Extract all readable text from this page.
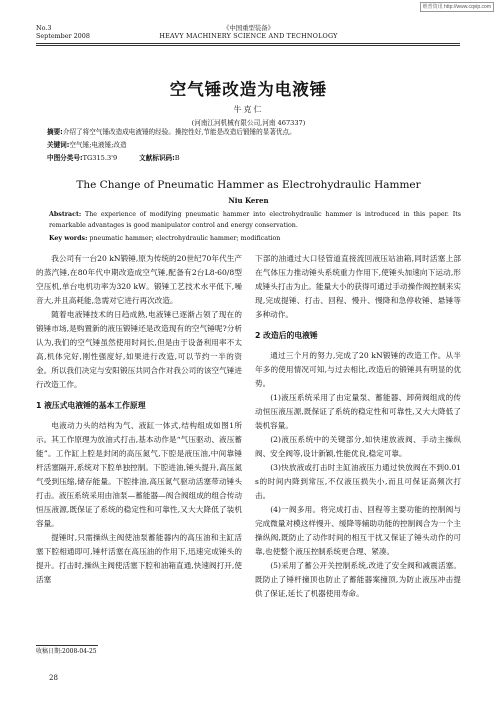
维普资讯 http://www.cqvip.com
No.3
September 2008
《中国重型装备》
HEAVY MACHINERY SCIENCE AND TECHNOLOGY
空气锤改造为电液锤
牛克仁
(河南江河机械有限公司,河南 467337)
摘要:介绍了将空气锤改造成电液锤的经验。操控性好,节能是改造后锻锤的显著优点。
关键词:空气锤;电液锤;改造
中图分类号:TG315.3'9	文献标识码:B
The Change of Pneumatic Hammer as Electrohydraulic Hammer
Niu Keren
Abstract: The experience of modifying pneumatic hammer into electrohydraulic hammer is introduced in this paper. Its remarkable advantages is good manipulator control and energy conservation.
Key words: pneumatic hammer; electrohydraulic hammer; modification

我公司有一台20 kN锻锤,原为传统的20世纪70年代生产的蒸汽锤,在80年代中期改造成空气锤,配备有2台L8-60/8型空压机,单台电机功率为320 kW。锻锤工艺技术水平低下,噪音大,并且高耗能,急需对它进行再次改造。

随着电液锤技术的日趋成熟,电液锤已逐渐占领了现在的锻锤市场,是购置新的液压锻锤还是改造现有的空气锤呢?分析认为,我们的空气锤虽然使用时间长,但是由于设备利用率不太高,机体完好,刚性强度好,如果进行改造,可以节约一半的资金。所以我们决定与安阳锻压共同合作对我公司的该空气锤进行改造工作。

1 液压式电液锤的基本工作原理

电液动力头的结构为气、液缸一体式,结构组成如图1所示。其工作原理为放油式打击,基本动作是“气压驱动、液压蓄能”。工作缸上腔是封闭的高压氮气,下腔是液压油,中间靠锤杆活塞隔开,系统对下腔单独控制。下腔进油,锤头提升,高压氮气受到压缩,储存能量。下腔排油,高压氮气驱动活塞带动锤头打击。液压系统采用由油泵—蓄能器—阀合阀组成的组合传动恒压液源,既保证了系统的稳定性和可靠性,又大大降低了装机容量。

提锤时,只需操纵主阀使油泵蓄能器内的高压油和主缸活塞下腔相通即可,锤杆活塞在高压油的作用下,迅速完成锤头的提升。打击时,操纵主阀使活塞下腔和油箱直通,快速阀打开,使活塞

下部的油通过大口径管道直接流回液压站油箱,同时活塞上部在气体压力推动锤头系统重力作用下,使锤头加速向下运动,形成锤头打击为止。能量大小的获得可通过手动操作阀控制来实现,完成提锤、打击、回程、慢升、慢降和急停收锤、悬锤等多种动作。

2 改造后的电液锤

通过三个月的努力,完成了20 kN锻锤的改造工作。从半年多的使用情况可知,与过去相比,改造后的锻锤具有明显的优势。

(1)液压系统采用了由定量泵、蓄能器、卸荷阀组成的传动恒压液压源,既保证了系统的稳定性和可靠性,又大大降低了装机容量。

(2)液压系统中的关键部分,如快速放液阀、手动主操纵阀、安全阀等,设计新颖,性能优良,稳定可靠。

(3)快放液或打击时主缸油液压力通过快放阀在不到0.01 s的时间内降到常压,不仅液压损失小,而且可保证高频次打击。

(4)一阀多用。将完成打击、回程等主要功能的控制阀与完成微量对模这样慢升、缓降等辅助功能的控制阀合为一个主操纵阀,既防止了动作时间的相互干扰又保证了锤头动作的可靠,也使整个液压控制系统更合理、紧凑。

(5)采用了蓄公开关控制系统,改进了安全阀和减震活塞。既防止了锤杆撞顶也防止了蓄能器案撞顶,为防止液压冲击提供了保证,延长了机器使用寿命。

收稿日期:2008-04-25
28
